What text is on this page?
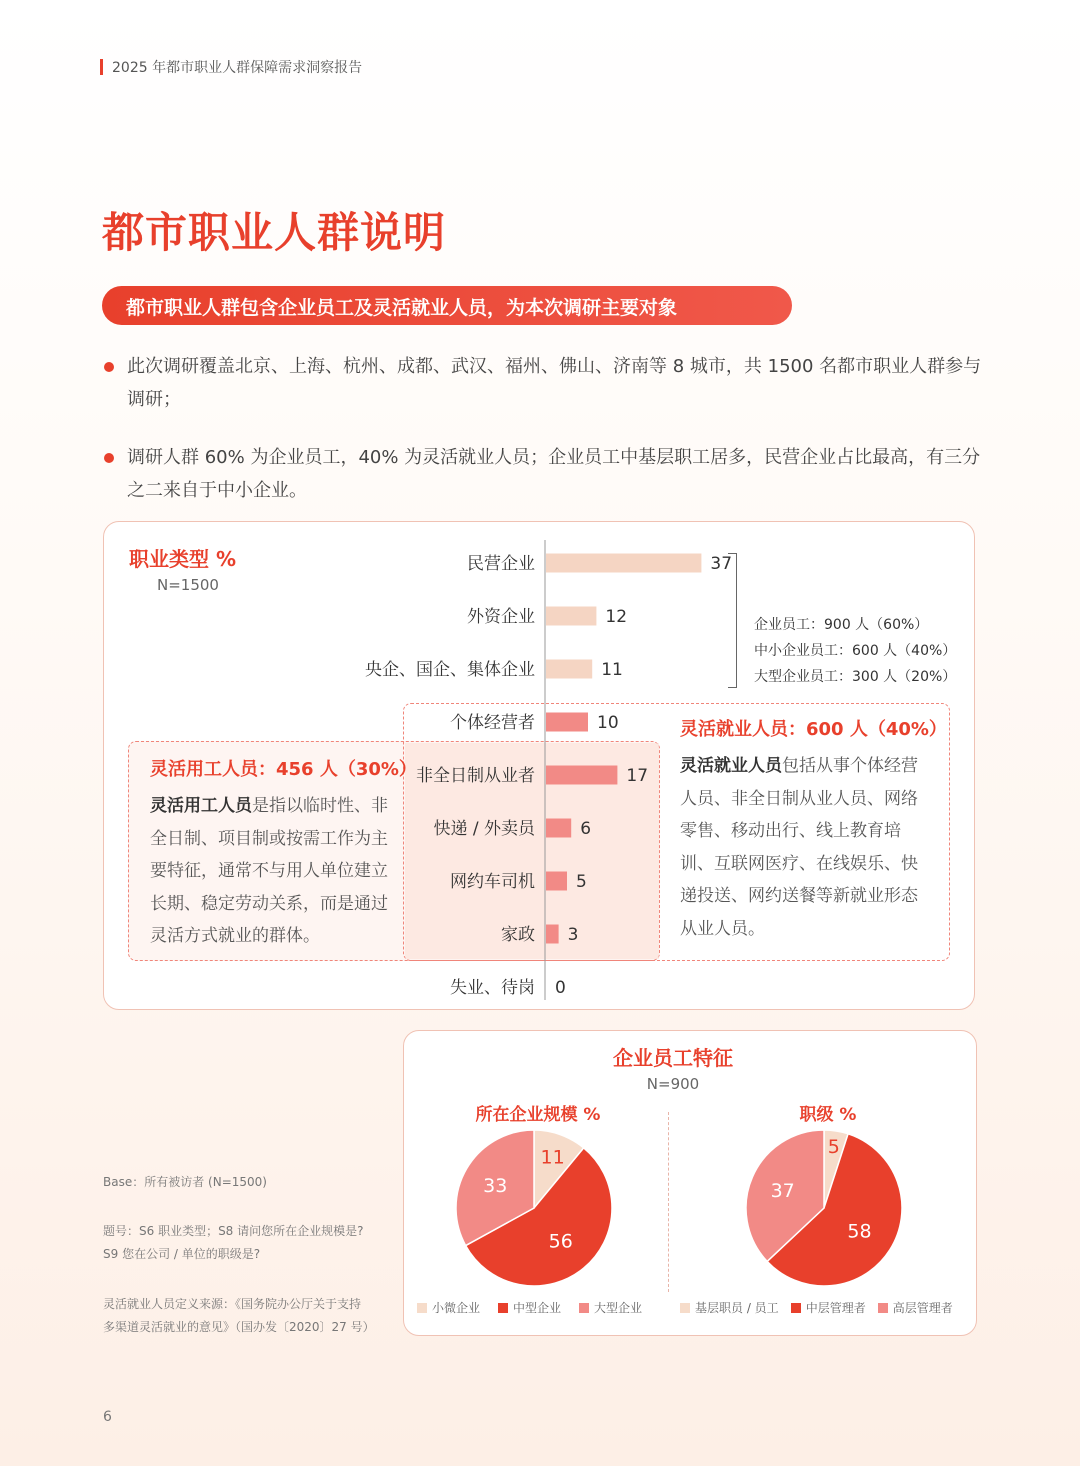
2025 年都市职业人群保障需求洞察报告
都市职业人群说明
都市职业人群包含企业员工及灵活就业人员，为本次调研主要对象
此次调研覆盖北京、上海、杭州、成都、武汉、福州、佛山、济南等 8 城市，共 1500 名都市职业人群参与调研；
调研人群 60% 为企业员工，40% 为灵活就业人员；企业员工中基层职工居多，民营企业占比最高，有三分之二来自于中小企业。
职业类型 %
N=1500
民营企业	37
外资企业	12
央企、国企、集体企业	11
个体经营者	10
非全日制从业者	17
快递 / 外卖员	6
网约车司机 5
家政 3
失业、待岗 0
企业员工：900 人（60%）
中小企业员工：600 人（40%）
大型企业员工：300 人（20%）
灵活用工人员：456 人（30%）
灵活用工人员是指以临时性、非全日制、项目制或按需工作为主要特征，通常不与用人单位建立长期、稳定劳动关系，而是通过灵活方式就业的群体。
灵活就业人员：600 人（40%）
灵活就业人员包括从事个体经营人员、非全日制从业人员、网络零售、移动出行、线上教育培训、互联网医疗、在线娱乐、快递投送、网约送餐等新就业形态从业人员。
企业员工特征
N=900
所在企业规模 %	职级 %
11
56
33
5
58
37
小微企业	中型企业	大型企业	基层职员 / 员工 中层管理者 高层管理者
Base：所有被访者 (N=1500)
题号：S6 职业类型；S8 请问您所在企业规模是?
S9 您在公司 / 单位的职级是?
灵活就业人员定义来源：《国务院办公厅关于支持
多渠道灵活就业的意见》（国办发〔2020〕27 号）
6
